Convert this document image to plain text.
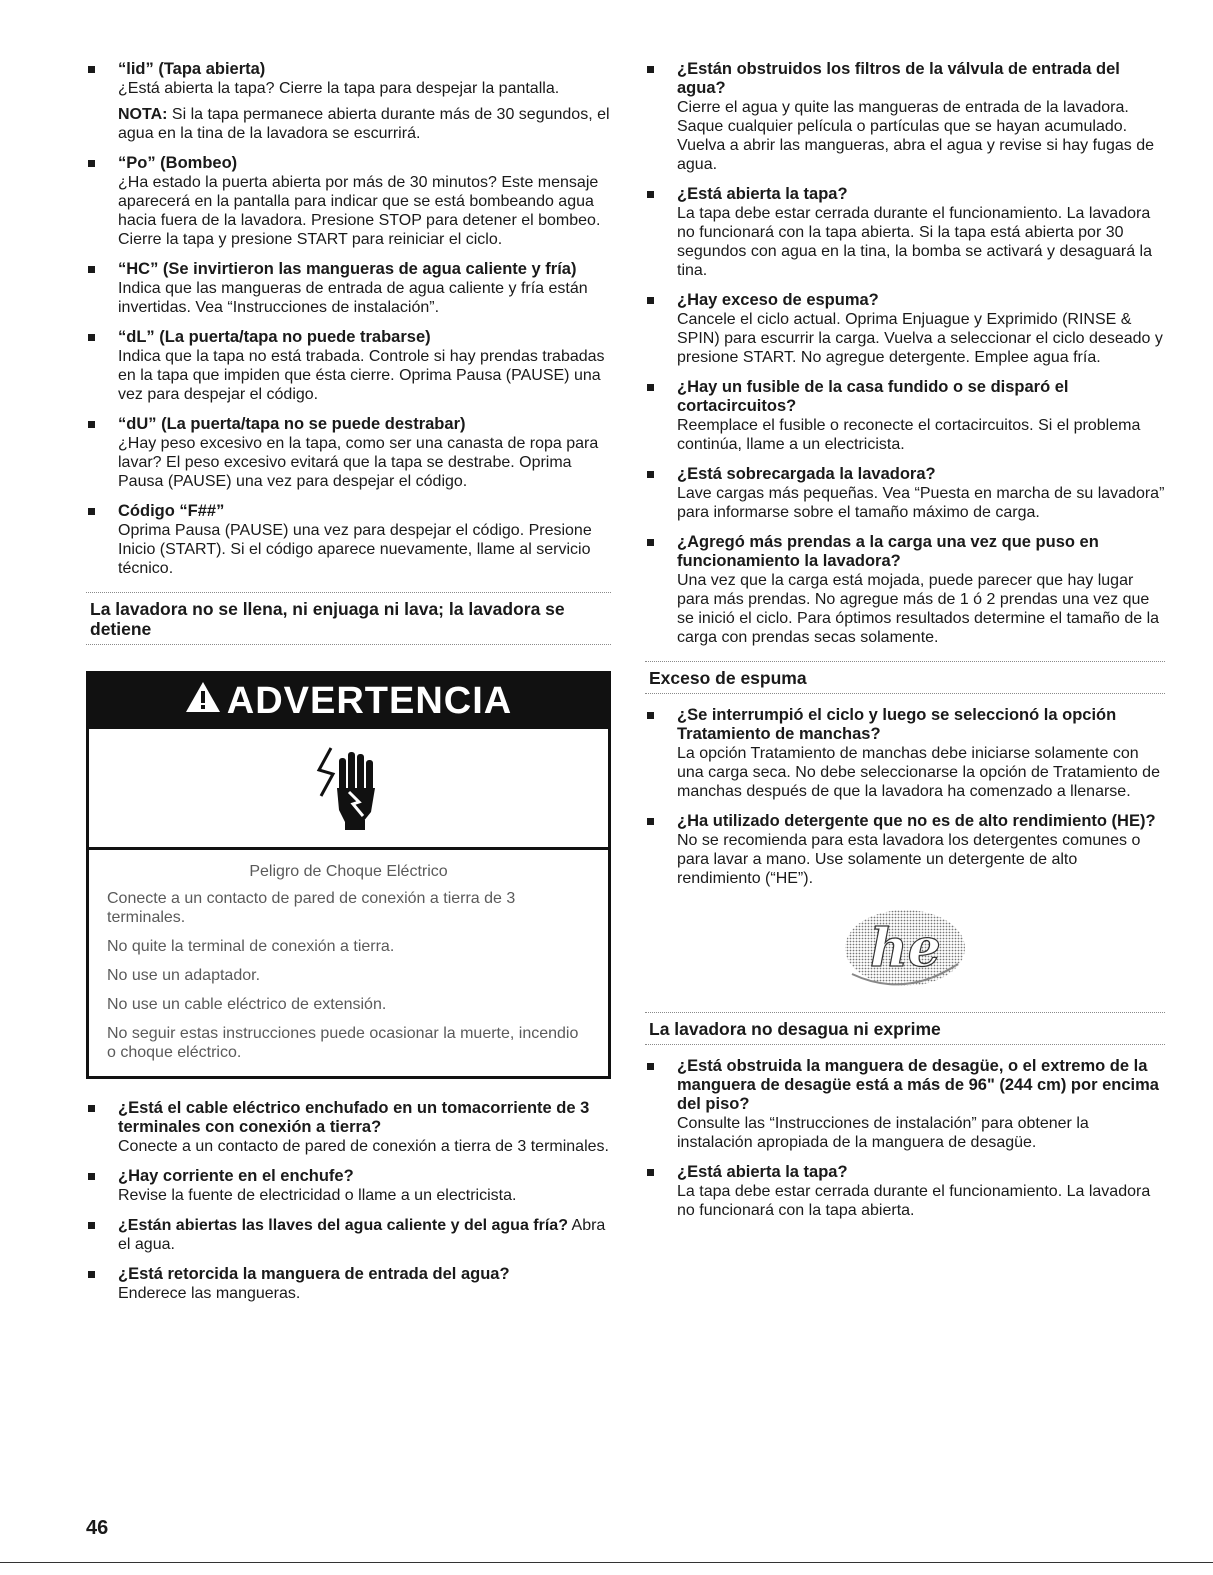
“lid” (Tapa abierta)
¿Está abierta la tapa? Cierre la tapa para despejar la pantalla.
NOTA: Si la tapa permanece abierta durante más de 30 segundos, el agua en la tina de la lavadora se escurrirá.
“Po” (Bombeo)
¿Ha estado la puerta abierta por más de 30 minutos? Este mensaje aparecerá en la pantalla para indicar que se está bombeando agua hacia fuera de la lavadora. Presione STOP para detener el bombeo. Cierre la tapa y presione START para reiniciar el ciclo.
“HC” (Se invirtieron las mangueras de agua caliente y fría)
Indica que las mangueras de entrada de agua caliente y fría están invertidas. Vea “Instrucciones de instalación”.
“dL” (La puerta/tapa no puede trabarse)
Indica que la tapa no está trabada. Controle si hay prendas trabadas en la tapa que impiden que ésta cierre. Oprima Pausa (PAUSE) una vez para despejar el código.
“dU” (La puerta/tapa no se puede destrabar)
¿Hay peso excesivo en la tapa, como ser una canasta de ropa para lavar? El peso excesivo evitará que la tapa se destrabe. Oprima Pausa (PAUSE) una vez para despejar el código.
Código “F##”
Oprima Pausa (PAUSE) una vez para despejar el código. Presione Inicio (START). Si el código aparece nuevamente, llame al servicio técnico.
La lavadora no se llena, ni enjuaga ni lava; la lavadora se detiene
ADVERTENCIA
Peligro de Choque Eléctrico

Conecte a un contacto de pared de conexión a tierra de 3 terminales.

No quite la terminal de conexión a tierra.

No use un adaptador.

No use un cable eléctrico de extensión.

No seguir estas instrucciones puede ocasionar la muerte, incendio o choque eléctrico.

¿Está el cable eléctrico enchufado en un tomacorriente de 3 terminales con conexión a tierra?
Conecte a un contacto de pared de conexión a tierra de 3 terminales.
¿Hay corriente en el enchufe?
Revise la fuente de electricidad o llame a un electricista.
¿Están abiertas las llaves del agua caliente y del agua fría? Abra el agua.
¿Está retorcida la manguera de entrada del agua?
Enderece las mangueras.
¿Están obstruidos los filtros de la válvula de entrada del agua?
Cierre el agua y quite las mangueras de entrada de la lavadora. Saque cualquier película o partículas que se hayan acumulado. Vuelva a abrir las mangueras, abra el agua y revise si hay fugas de agua.
¿Está abierta la tapa?
La tapa debe estar cerrada durante el funcionamiento. La lavadora no funcionará con la tapa abierta. Si la tapa está abierta por 30 segundos con agua en la tina, la bomba se activará y desaguará la tina.
¿Hay exceso de espuma?
Cancele el ciclo actual. Oprima Enjuague y Exprimido (RINSE & SPIN) para escurrir la carga. Vuelva a seleccionar el ciclo deseado y presione START. No agregue detergente. Emplee agua fría.
¿Hay un fusible de la casa fundido o se disparó el cortacircuitos?
Reemplace el fusible o reconecte el cortacircuitos. Si el problema continúa, llame a un electricista.
¿Está sobrecargada la lavadora?
Lave cargas más pequeñas. Vea “Puesta en marcha de su lavadora” para informarse sobre el tamaño máximo de carga.
¿Agregó más prendas a la carga una vez que puso en funcionamiento la lavadora?
Una vez que la carga está mojada, puede parecer que hay lugar para más prendas. No agregue más de 1 ó 2 prendas una vez que se inició el ciclo. Para óptimos resultados determine el tamaño de la carga con prendas secas solamente.
Exceso de espuma
¿Se interrumpió el ciclo y luego se seleccionó la opción Tratamiento de manchas?
La opción Tratamiento de manchas debe iniciarse solamente con una carga seca. No debe seleccionarse la opción de Tratamiento de manchas después de que la lavadora ha comenzado a llenarse.
¿Ha utilizado detergente que no es de alto rendimiento (HE)?
No se recomienda para esta lavadora los detergentes comunes o para lavar a mano. Use solamente un detergente de alto rendimiento (“HE”).
he
La lavadora no desagua ni exprime
¿Está obstruida la manguera de desagüe, o el extremo de la manguera de desagüe está a más de 96" (244 cm) por encima del piso?
Consulte las “Instrucciones de instalación” para obtener la instalación apropiada de la manguera de desagüe.
¿Está abierta la tapa?
La tapa debe estar cerrada durante el funcionamiento. La lavadora no funcionará con la tapa abierta.
46
